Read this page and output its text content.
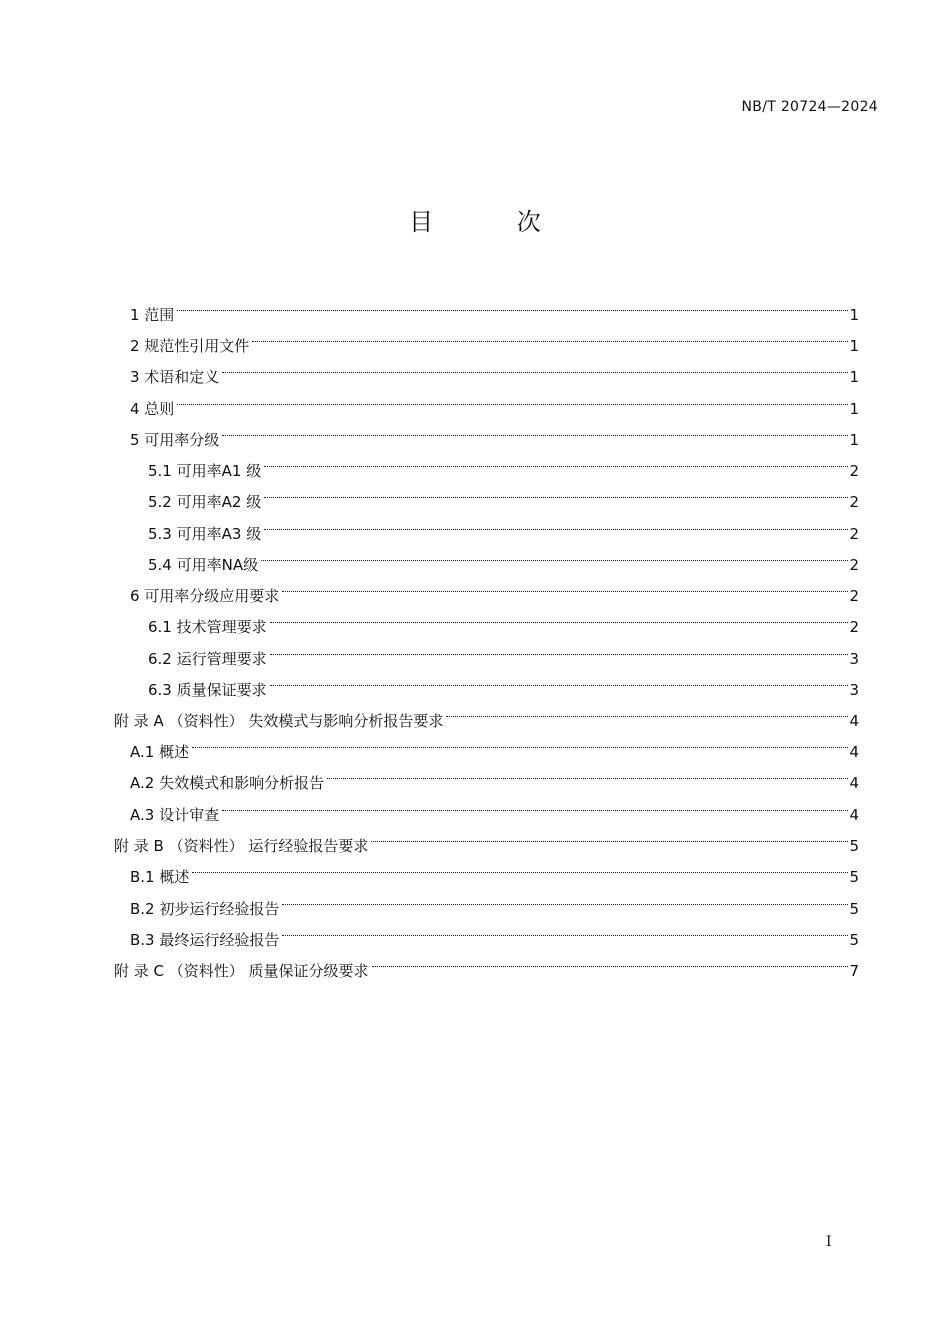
NB/T 20724—2024
目 次
1 范围	1
2 规范性引用文件	1
3 术语和定义	1
4 总则	1
5 可用率分级	1
5.1 可用率A1 级	2
5.2 可用率A2 级	2
5.3 可用率A3 级	2
5.4 可用率NA级	2
6 可用率分级应用要求	2
6.1 技术管理要求	2
6.2 运行管理要求	3
6.3 质量保证要求	3
附 录 A （资料性） 失效模式与影响分析报告要求	4
A.1 概述	4
A.2 失效模式和影响分析报告	4
A.3 设计审查	4
附 录 B （资料性） 运行经验报告要求	5
B.1 概述	5
B.2 初步运行经验报告	5
B.3 最终运行经验报告	5
附 录 C （资料性） 质量保证分级要求	7
I
